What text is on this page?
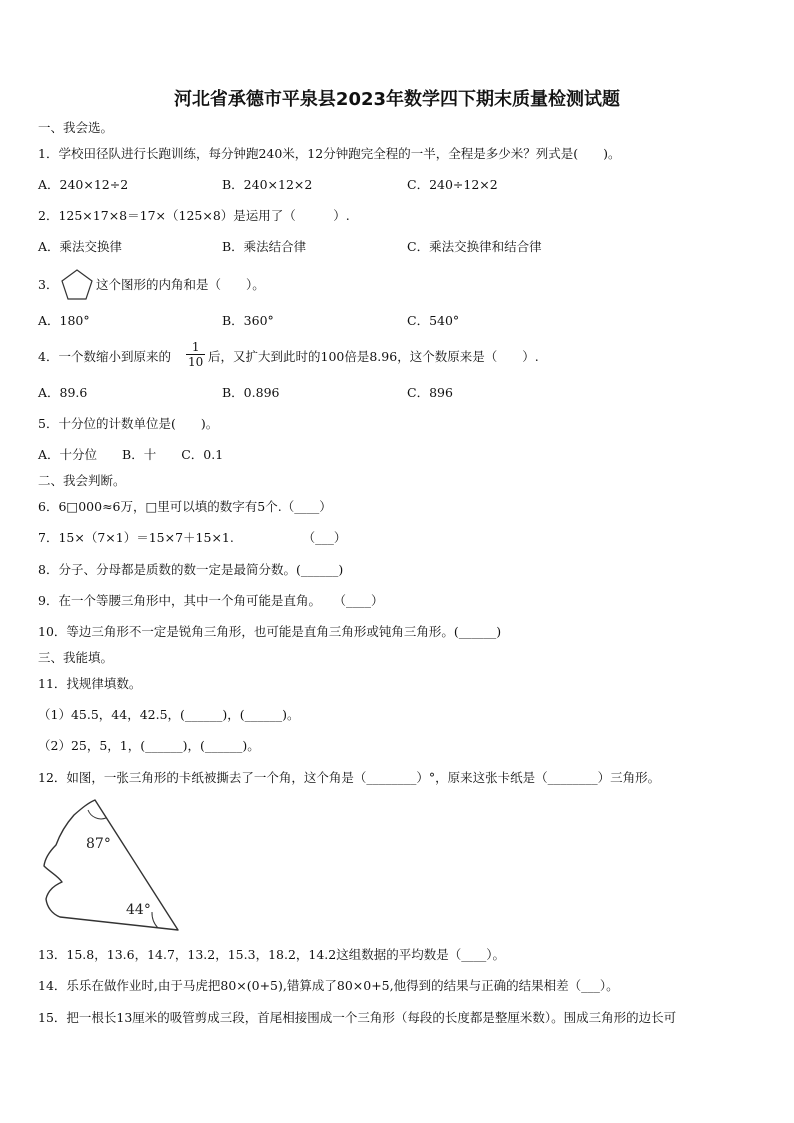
河北省承德市平泉县2023年数学四下期末质量检测试题
一、我会选。
1．学校田径队进行长跑训练，每分钟跑240米，12分钟跑完全程的一半，全程是多少米？列式是(　　)。
A．240×12÷2	B．240×12×2	C．240÷12×2
2．125×17×8＝17×（125×8）是运用了（　　　）.
A．乘法交换律	B．乘法结合律	C．乘法交换律和结合律
3．	这个图形的内角和是（　　）。
A．180°	B．360°	C．540°
4．一个数缩小到原来的 $\frac{1}{10}$ 后，又扩大到此时的100倍是8.96，这个数原来是（　　）.
A．89.6	B．0.896	C．896
5．十分位的计数单位是(　　)。
A．十分位　　B．十　　C．0.1
二、我会判断。
6．6□000≈6万，□里可以填的数字有5个.（____）
7．15×（7×1）＝15×7＋15×1.　　　　　　（___）
8．分子、分母都是质数的数一定是最简分数。(______)
9．在一个等腰三角形中，其中一个角可能是直角。　　（____）
10．等边三角形不一定是锐角三角形，也可能是直角三角形或钝角三角形。(______)
三、我能填。
11．找规律填数。
（1）45.5，44，42.5，(______)，(______)。
（2）25，5，1，(______)，(______)。
12．如图，一张三角形的卡纸被撕去了一个角，这个角是（________）°，原来这张卡纸是（________）三角形。
87°
44°
13．15.8，13.6，14.7，13.2，15.3，18.2，14.2这组数据的平均数是（____）。
14．乐乐在做作业时,由于马虎把80×(0+5),错算成了80×0+5,他得到的结果与正确的结果相差（___）。
15．把一根长13厘米的吸管剪成三段，首尾相接围成一个三角形（每段的长度都是整厘米数）。围成三角形的边长可
